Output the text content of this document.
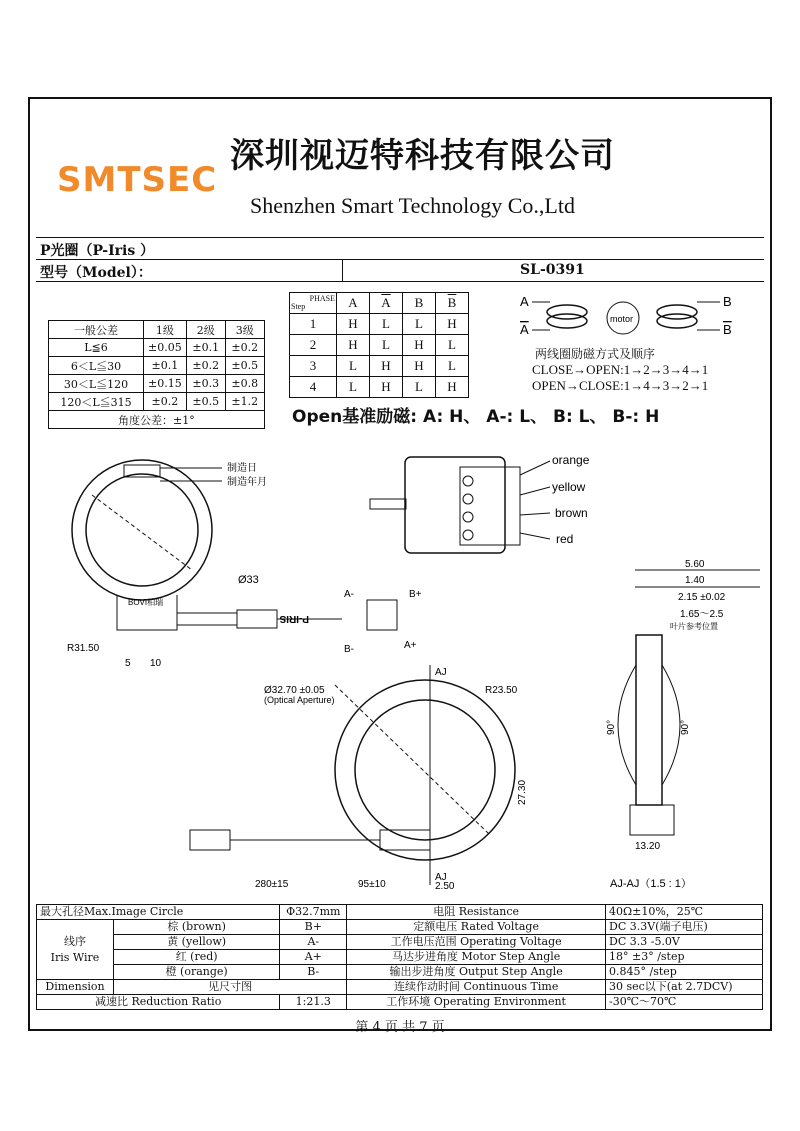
SMTSEC
深圳视迈特科技有限公司
Shenzhen Smart Technology Co.,Ltd
P光圈（P-Iris ）
型号（Model）：	SL-0391
一般公差	1级	2级	3级
L≦6	±0.05	±0.1	±0.2
6＜L≦30	±0.1	±0.2	±0.5
30＜L≦120	±0.15	±0.3	±0.8
120＜L≦315	±0.2	±0.5	±1.2
角度公差：±1°			
PHASE
Step	A	$\overline{A}$	B	$\overline{B}$
1	H	L	L	H
2	H	L	H	L
3	L	H	H	L
4	L	H	L	H
A
A
B
B
motor
两线圈励磁方式及顺序
CLOSE→OPEN:1→2→3→4→1
OPEN→CLOSE:1→4→3→2→1
Open基准励磁: A: H、 A-: L、 B: L、 B-: H
orange
yellow
brown
red
制造日
制造年月
Ø33
BOVI柏瑞
P-IRIS
A-	B+
B-	A+
R31.50
5 10
Ø32.70 ±0.05
(Optical Aperture)
AJ
AJ
R23.50
27.30
280±15	95±10	2.50
5.60
1.40
2.15 ±0.02
1.65～2.5
叶片参考位置
90°	90°
13.20
AJ-AJ（1.5 : 1）
最大孔径Max.Image Circle		Φ32.7mm	电阻 Resistance	40Ω±10%，25℃
线序
Iris Wire	棕 (brown)	B+	定额电压 Rated Voltage	DC 3.3V(端子电压)
	黄 (yellow)	A-	工作电压范围 Operating Voltage	DC 3.3 -5.0V
	红 (red)	A+	马达步进角度 Motor Step Angle	18° ±3° /step
	橙 (orange)	B-	输出步进角度 Output Step Angle	0.845° /step
Dimension	见尺寸图		连续作动时间 Continuous Time	30 sec以下(at 2.7DCV)
减速比 Reduction Ratio		1:21.3	工作环境 Operating Environment	-30℃～70℃
第 4 页 共 7 页
